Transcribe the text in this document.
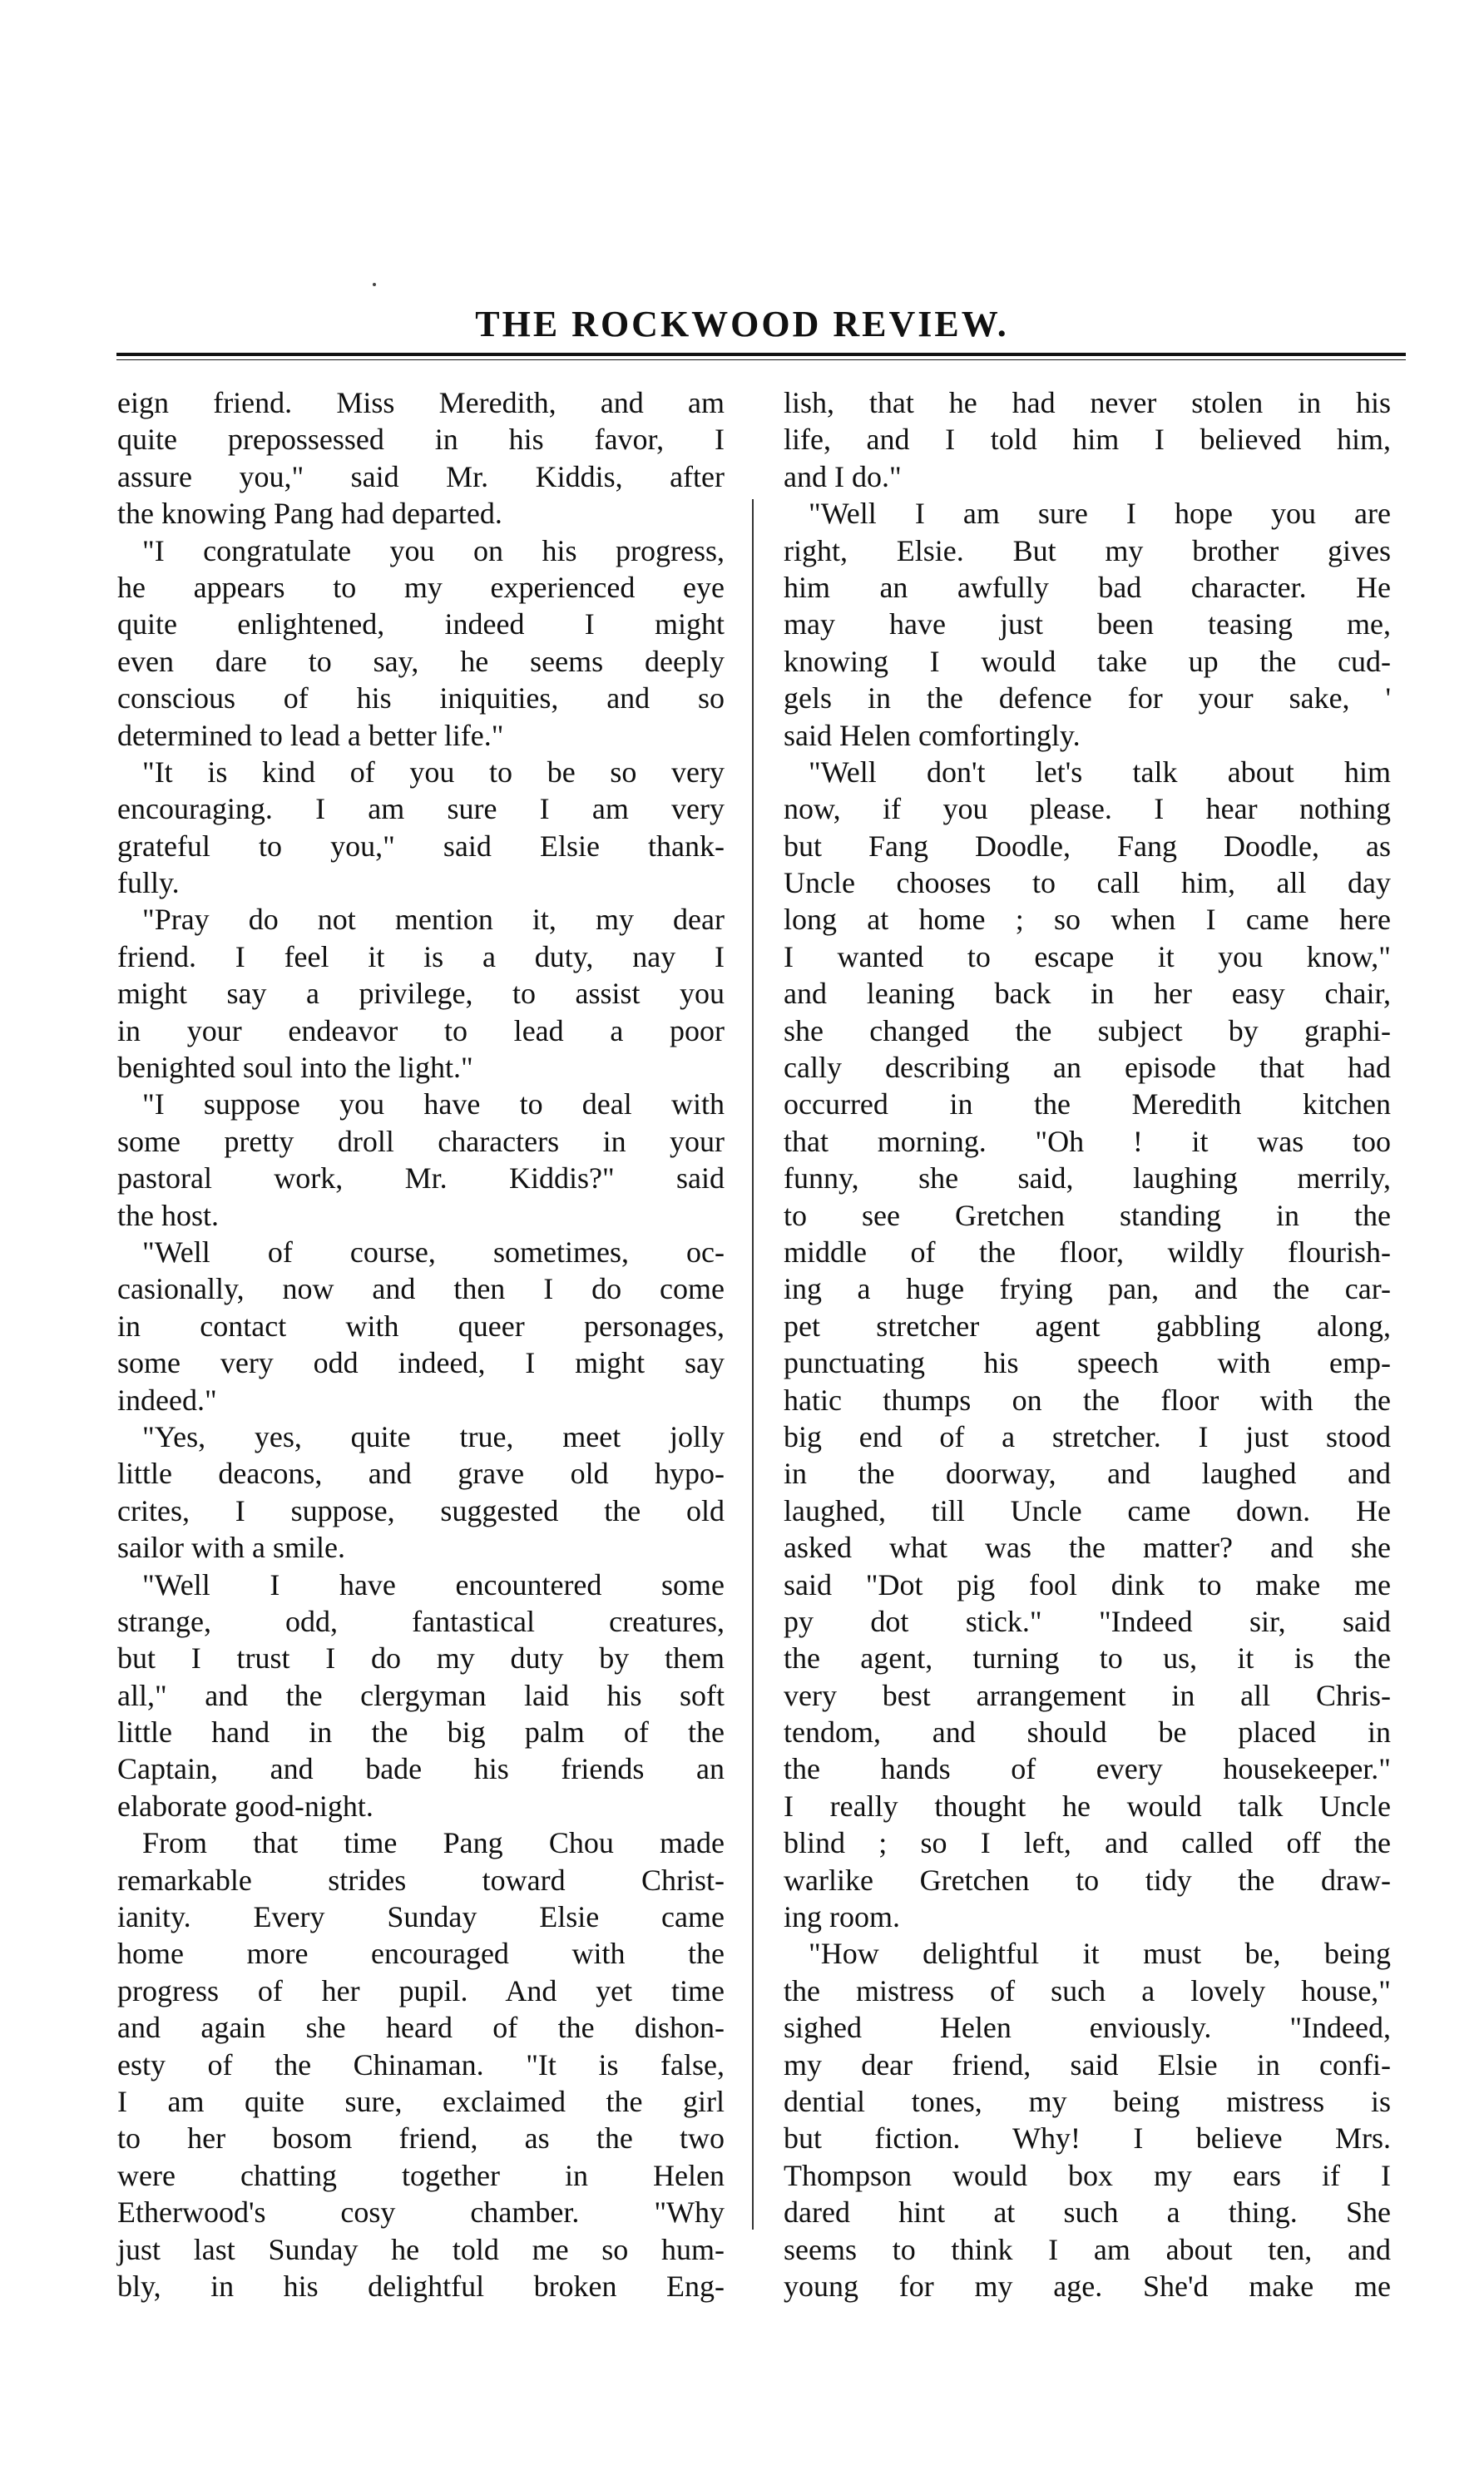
THE ROCKWOOD REVIEW.
eign friend. Miss Meredith, and am
quite prepossessed in his favor, I
assure you," said Mr. Kiddis, after
the knowing Pang had departed.
"I congratulate you on his progress,
he appears to my experienced eye
quite enlightened, indeed I might
even dare to say, he seems deeply
conscious of his iniquities, and so
determined to lead a better life."
"It is kind of you to be so very
encouraging. I am sure I am very
grateful to you," said Elsie thank-
fully.
"Pray do not mention it, my dear
friend. I feel it is a duty, nay I
might say a privilege, to assist you
in your endeavor to lead a poor
benighted soul into the light."
"I suppose you have to deal with
some pretty droll characters in your
pastoral work, Mr. Kiddis?" said
the host.
"Well of course, sometimes, oc-
casionally, now and then I do come
in contact with queer personages,
some very odd indeed, I might say
indeed."
"Yes, yes, quite true, meet jolly
little deacons, and grave old hypo-
crites, I suppose, suggested the old
sailor with a smile.
"Well I have encountered some
strange, odd, fantastical creatures,
but I trust I do my duty by them
all," and the clergyman laid his soft
little hand in the big palm of the
Captain, and bade his friends an
elaborate good-night.
From that time Pang Chou made
remarkable strides toward Christ-
ianity. Every Sunday Elsie came
home more encouraged with the
progress of her pupil. And yet time
and again she heard of the dishon-
esty of the Chinaman. "It is false,
I am quite sure, exclaimed the girl
to her bosom friend, as the two
were chatting together in Helen
Etherwood's cosy chamber. "Why
just last Sunday he told me so hum-
bly, in his delightful broken Eng-
lish, that he had never stolen in his
life, and I told him I believed him,
and I do."
"Well I am sure I hope you are
right, Elsie. But my brother gives
him an awfully bad character. He
may have just been teasing me,
knowing I would take up the cud-
gels in the defence for your sake, '
said Helen comfortingly.
"Well don't let's talk about him
now, if you please. I hear nothing
but Fang Doodle, Fang Doodle, as
Uncle chooses to call him, all day
long at home ; so when I came here
I wanted to escape it you know,"
and leaning back in her easy chair,
she changed the subject by graphi-
cally describing an episode that had
occurred in the Meredith kitchen
that morning. "Oh ! it was too
funny, she said, laughing merrily,
to see Gretchen standing in the
middle of the floor, wildly flourish-
ing a huge frying pan, and the car-
pet stretcher agent gabbling along,
punctuating his speech with emp-
hatic thumps on the floor with the
big end of a stretcher. I just stood
in the doorway, and laughed and
laughed, till Uncle came down. He
asked what was the matter? and she
said "Dot pig fool dink to make me
py dot stick." "Indeed sir, said
the agent, turning to us, it is the
very best arrangement in all Chris-
tendom, and should be placed in
the hands of every housekeeper."
I really thought he would talk Uncle
blind ; so I left, and called off the
warlike Gretchen to tidy the draw-
ing room.
"How delightful it must be, being
the mistress of such a lovely house,"
sighed Helen enviously. "Indeed,
my dear friend, said Elsie in confi-
dential tones, my being mistress is
but fiction. Why! I believe Mrs.
Thompson would box my ears if I
dared hint at such a thing. She
seems to think I am about ten, and
young for my age. She'd make me
